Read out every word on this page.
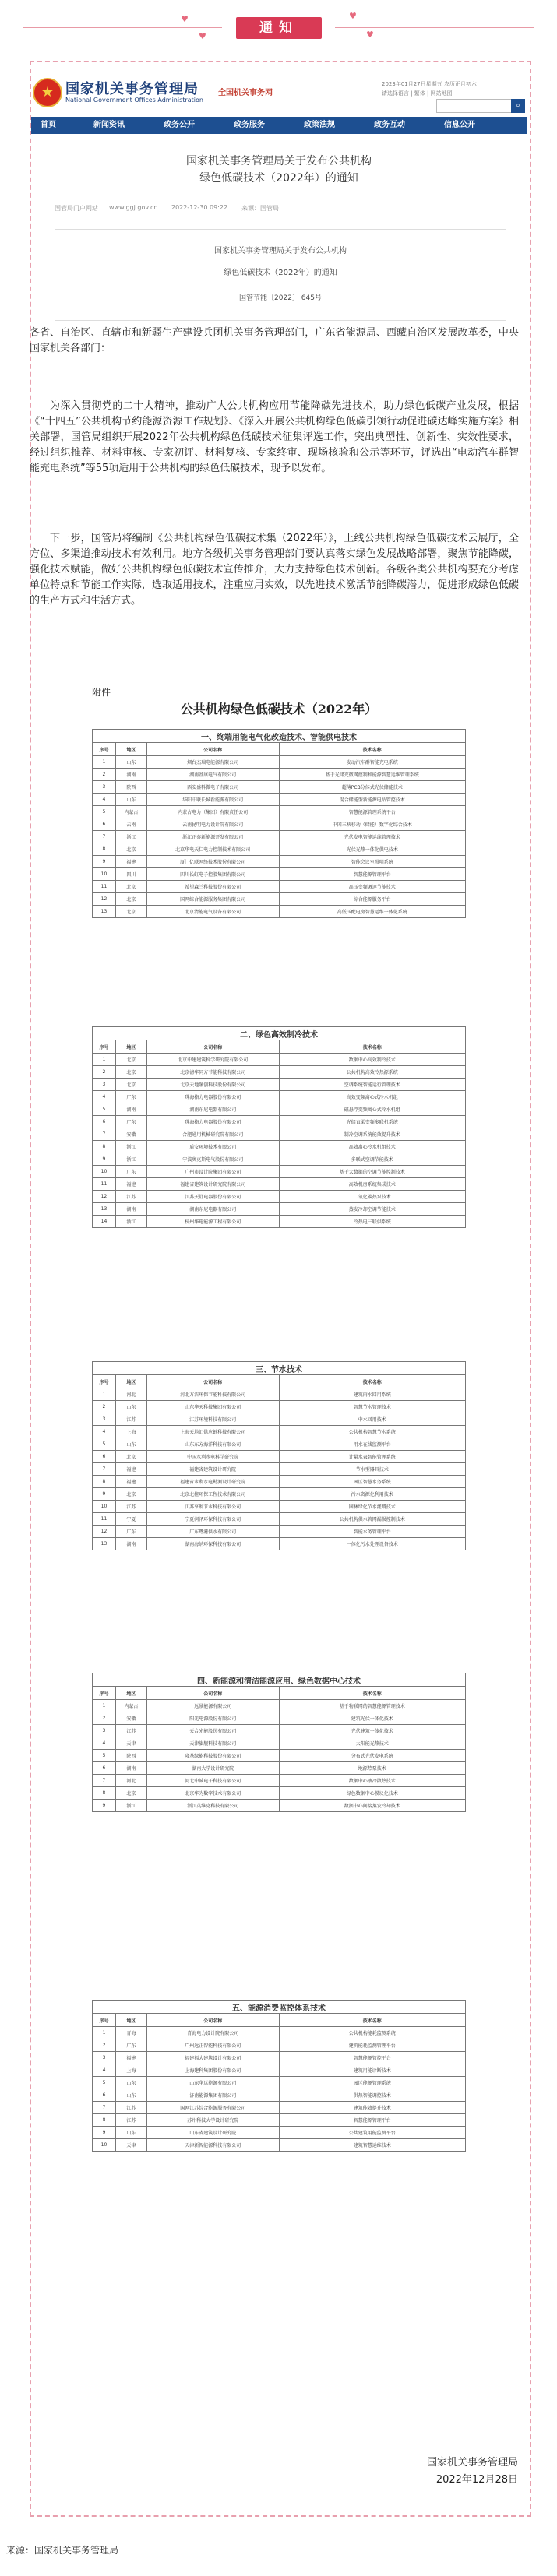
♥
♥
♥
♥
通知
★ 国家机关事务管理局
National Government Offices Administration
全国机关事务网
2023年01月27日星期五 农历正月初六
请选择语言 | 繁体 | 网站地图
⌕
首页	新闻资讯	政务公开	政务服务	政策法规	政务互动	信息公开
国家机关事务管理局关于发布公共机构
绿色低碳技术（2022年）的通知
国管局门户网站 www.ggj.gov.cn 2022-12-30 09:22 来源：国管局
国家机关事务管理局关于发布公共机构
绿色低碳技术（2022年）的通知
国管节能〔2022〕 645号
各省、自治区、直辖市和新疆生产建设兵团机关事务管理部门，广东省能源局、西藏自治区发展改革委，中央国家机关各部门：
为深入贯彻党的二十大精神，推动广大公共机构应用节能降碳先进技术，助力绿色低碳产业发展，根据《“十四五”公共机构节约能源资源工作规划》、《深入开展公共机构绿色低碳引领行动促进碳达峰实施方案》相关部署，国管局组织开展2022年公共机构绿色低碳技术征集评选工作，突出典型性、创新性、实效性要求，经过组织推荐、材料审核、专家初评、材料复核、专家终审、现场核验和公示等环节，评选出“电动汽车群智能充电系统”等55项适用于公共机构的绿色低碳技术，现予以发布。
下一步，国管局将编制《公共机构绿色低碳技术集（2022年）》，上线公共机构绿色低碳技术云展厅，全方位、多渠道推动技术有效利用。地方各级机关事务管理部门要认真落实绿色发展战略部署，聚焦节能降碳，强化技术赋能，做好公共机构绿色低碳技术宣传推介，大力支持绿色技术创新。各级各类公共机构要充分考虑单位特点和节能工作实际，选取适用技术，注重应用实效，以先进技术激活节能降碳潜力，促进形成绿色低碳的生产方式和生活方式。
附件
公共机构绿色低碳技术（2022年）
一、终端用能电气化改造技术、智能供电技术			
序号	地区	公司名称	技术名称
1	山东	烟台杰瑞电能源有限公司	发动汽车群智能充电系统
2	湖南	湖南基康电气有限公司	基于光储充微网控制和能源智慧运维管理系统
3	陕西	西安盛科微电子有限公司	超薄PCB分体式光伏储能技术
4	山东	华阳中联长城新能源有限公司	混合储能型新能源电站管控技术
5	内蒙古	内蒙古电力（集团）有限责任公司	智慧能源管理系统平台
6	云南	云南昆明电力设计院有限公司	中国三峡移动（储能）数字化综合技术
7	浙江	浙江正泰新能源开发有限公司	光伏发电智能运维管理技术
8	北京	北京华电天仁电力控制技术有限公司	光伏光热一体化供电技术
9	福建	厦门亿联网络技术股份有限公司	智能会议室照明系统
10	四川	四川长虹电子控股集团有限公司	智慧能源管理平台
11	北京	希望森兰科技股份有限公司	高压变频调速节能技术
12	北京	国网综合能源服务集团有限公司	综合能源服务平台
13	北京	北京清能电气设备有限公司	高低压配电房智慧运维一体化系统
二、绿色高效制冷技术			
序号	地区	公司名称	技术名称
1	北京	北京中建建筑科学研究院有限公司	数据中心高效制冷技术
2	北京	北京清华同方节能科技有限公司	公共机构高效冷热源系统
3	北京	北京天地融创科技股份有限公司	空调系统智能运行管理技术
4	广东	珠海格力电器股份有限公司	高效变频离心式冷水机组
5	湖南	湖南东尼电器有限公司	磁悬浮变频离心式冷水机组
6	广东	珠海格力电器股份有限公司	光储直柔变频多联机系统
7	安徽	合肥通用机械研究院有限公司	制冷空调系统能效提升技术
8	浙江	盾安环境技术有限公司	高效离心冷水机组技术
9	浙江	宁波奥克斯电气股份有限公司	多联式空调节能技术
10	广东	广州市设计院集团有限公司	基于大数据的空调节能控制技术
11	福建	福建省建筑设计研究院有限公司	高效机房系统集成技术
12	江苏	江苏天舒电器股份有限公司	二氧化碳热泵技术
13	湖南	湖南东尼电器有限公司	蒸发冷却空调节能技术
14	浙江	杭州华电能源工程有限公司	冷热电三联供系统
三、节水技术			
序号	地区	公司名称	技术名称
1	河北	河北万洁环保节能科技有限公司	建筑雨水回用系统
2	山东	山东华天科技集团有限公司	智慧节水管理技术
3	江苏	江苏环境科技有限公司	中水回用技术
4	上海	上海天地汇供应链科技有限公司	公共机构智慧节水系统
5	山东	山东东方海洋科技有限公司	用水在线监测平台
6	北京	中国水利水电科学研究院	计量水表智能管理系统
7	福建	福建省建筑设计研究院	节水型器具技术
8	福建	福建省水利水电勘测设计研究院	园区智慧水务系统
9	北京	北京北控环保工程技术有限公司	污水资源化利用技术
10	江苏	江苏亨利节水科技有限公司	园林绿化节水灌溉技术
11	宁夏	宁夏润泽环保科技有限公司	公共机构供水管网漏损控制技术
12	广东	广东粤港供水有限公司	智能水务管理平台
13	湖南	湖南海纳环保科技有限公司	一体化污水处理设备技术
四、新能源和清洁能源应用、绿色数据中心技术			
序号	地区	公司名称	技术名称
1	内蒙古	远景能源有限公司	基于物联网的智慧能源管理技术
2	安徽	阳光电源股份有限公司	建筑光伏一体化技术
3	江苏	天合光能股份有限公司	光伏建筑一体化技术
4	天津	天津旗舰科技有限公司	太阳能光热技术
5	陕西	隆基绿能科技股份有限公司	分布式光伏发电系统
6	湖南	湖南大学设计研究院	地源热泵技术
7	河北	河北中诚电子科技有限公司	数据中心液冷散热技术
8	北京	北京华为数字技术有限公司	绿色数据中心模块化技术
9	浙江	浙江英维克科技有限公司	数据中心间接蒸发冷却技术
五、能源消费监控体系技术			
序号	地区	公司名称	技术名称
1	青海	青海电力设计院有限公司	公共机构能耗监测系统
2	广东	广州远正智能科技有限公司	建筑能耗监测管理平台
3	福建	福建福大建筑设计有限公司	智慧能源管控平台
4	上海	上海建科集团股份有限公司	建筑用能诊断技术
5	山东	山东华远能源有限公司	园区能源管理系统
6	山东	济南能源集团有限公司	供热智能调控技术
7	江苏	国网江苏综合能源服务有限公司	建筑能效提升技术
8	江苏	苏州科技大学设计研究院	智慧能源管理平台
9	山东	山东省建筑设计研究院	公共建筑用能监测平台
10	天津	天津新智能源科技有限公司	建筑智慧运维技术
国家机关事务管理局
2022年12月28日
来源：国家机关事务管理局
